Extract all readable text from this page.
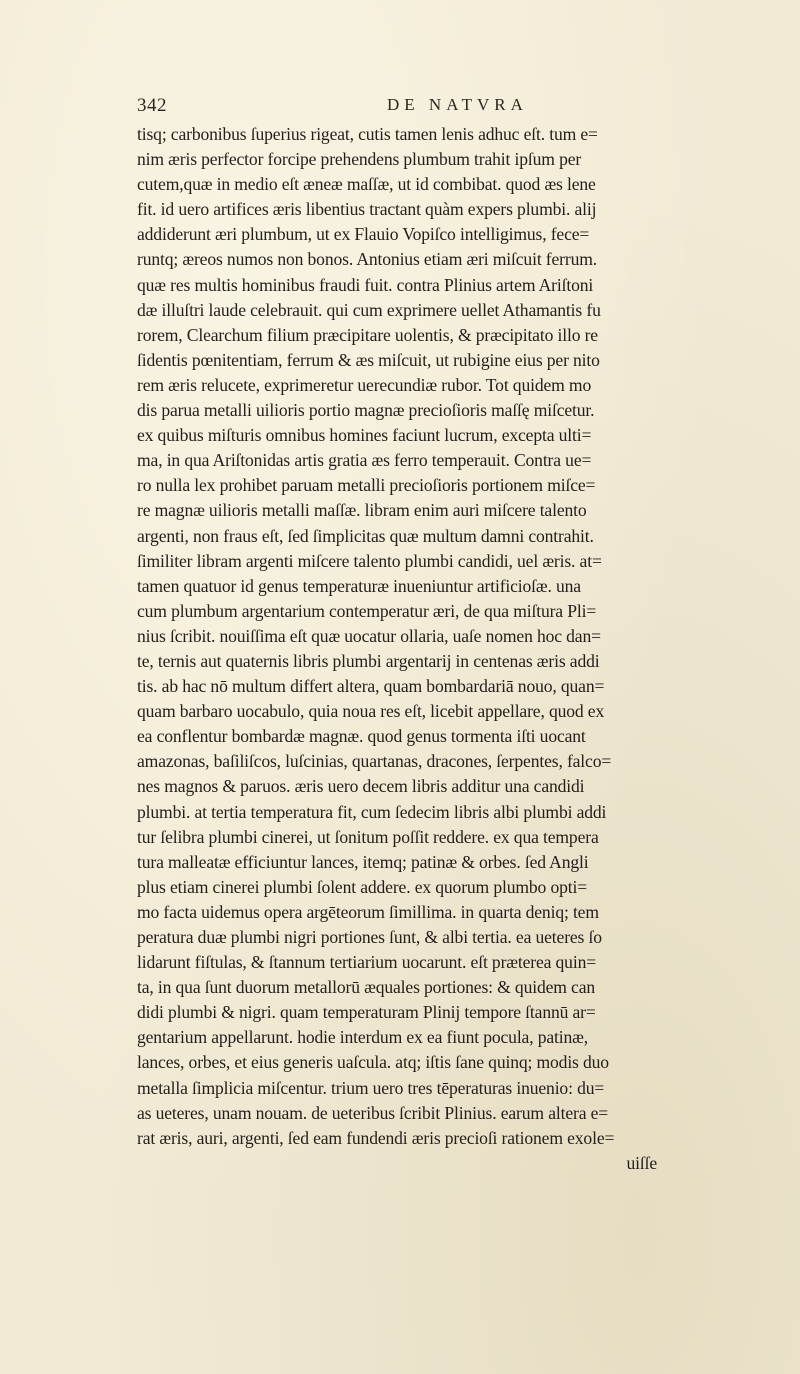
342	DE NATVRA
tisq; carbonibus ſuperius rigeat, cutis tamen lenis adhuc eſt. tum e=
nim æris perfector forcipe prehendens plumbum trahit ipſum per
cutem,quæ in medio eſt æneæ maſſæ, ut id combibat. quod æs lene
fit. id uero artifices æris libentius tractant quàm expers plumbi. alij
addiderunt æri plumbum, ut ex Flauio Vopiſco intelligimus, fece=
runtq; æreos numos non bonos. Antonius etiam æri miſcuit ferrum.
quæ res multis hominibus fraudi fuit. contra Plinius artem Ariſtoni
dæ illuſtri laude celebrauit. qui cum exprimere uellet Athamantis fu
rorem, Clearchum filium præcipitare uolentis, & præcipitato illo re
ſidentis pœnitentiam, ferrum & æs miſcuit, ut rubigine eius per nito
rem æris relucete, exprimeretur uerecundiæ rubor. Tot quidem mo
dis parua metalli uilioris portio magnæ precioſioris maſſę miſcetur.
ex quibus miſturis omnibus homines faciunt lucrum, excepta ulti=
ma, in qua Ariſtonidas artis gratia æs ferro temperauit. Contra ue=
ro nulla lex prohibet paruam metalli precioſioris portionem miſce=
re magnæ uilioris metalli maſſæ. libram enim auri miſcere talento
argenti, non fraus eſt, ſed ſimplicitas quæ multum damni contrahit.
ſimiliter libram argenti miſcere talento plumbi candidi, uel æris. at=
tamen quatuor id genus temperaturæ inueniuntur artificioſæ. una
cum plumbum argentarium contemperatur æri, de qua miſtura Pli=
nius ſcribit. nouiſſima eſt quæ uocatur ollaria, uaſe nomen hoc dan=
te, ternis aut quaternis libris plumbi argentarij in centenas æris addi
tis. ab hac nō multum differt altera, quam bombardariā nouo, quan=
quam barbaro uocabulo, quia noua res eſt, licebit appellare, quod ex
ea conflentur bombardæ magnæ. quod genus tormenta iſti uocant
amazonas, baſiliſcos, luſcinias, quartanas, dracones, ſerpentes, falco=
nes magnos & paruos. æris uero decem libris additur una candidi
plumbi. at tertia temperatura fit, cum ſedecim libris albi plumbi addi
tur ſelibra plumbi cinerei, ut ſonitum poſſit reddere. ex qua tempera
tura malleatæ efficiuntur lances, itemq; patinæ & orbes. ſed Angli
plus etiam cinerei plumbi ſolent addere. ex quorum plumbo opti=
mo facta uidemus opera argēteorum ſimillima. in quarta deniq; tem
peratura duæ plumbi nigri portiones ſunt, & albi tertia. ea ueteres ſo
lidarunt fiſtulas, & ſtannum tertiarium uocarunt. eſt præterea quin=
ta, in qua ſunt duorum metallorū æquales portiones: & quidem can
didi plumbi & nigri. quam temperaturam Plinij tempore ſtannū ar=
gentarium appellarunt. hodie interdum ex ea fiunt pocula, patinæ,
lances, orbes, et eius generis uaſcula. atq; iſtis ſane quinq; modis duo
metalla ſimplicia miſcentur. trium uero tres tēperaturas inuenio: du=
as ueteres, unam nouam. de ueteribus ſcribit Plinius. earum altera e=
rat æris, auri, argenti, ſed eam fundendi æris precioſi rationem exole=
uiſſe
